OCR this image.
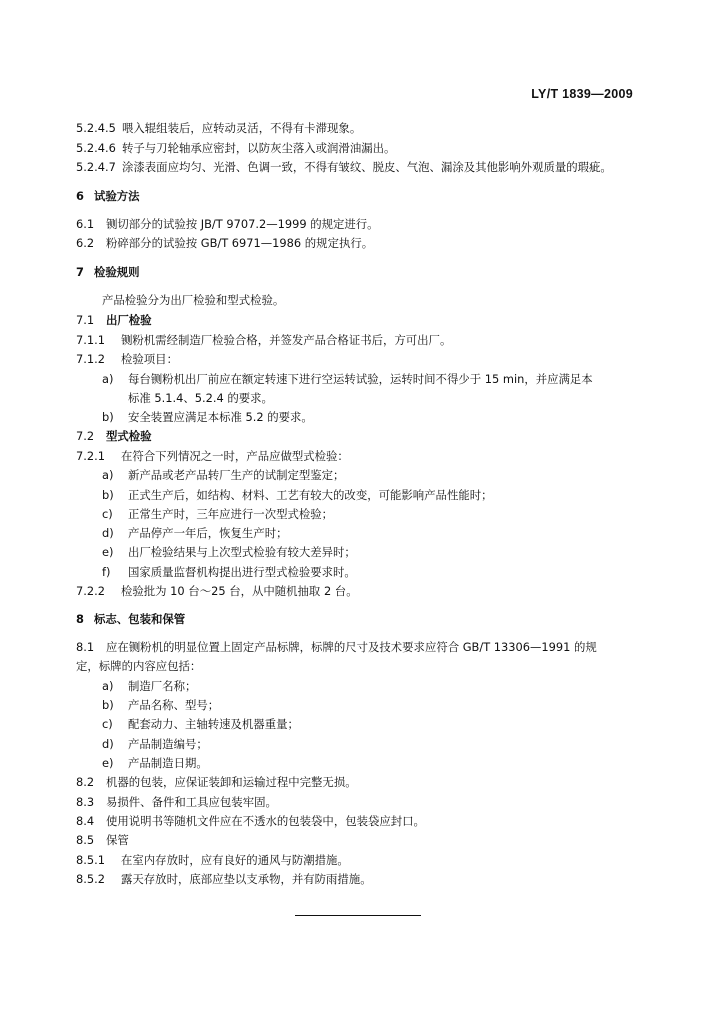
LY/T 1839—2009
5.2.4.5 喂入辊组装后，应转动灵活，不得有卡滞现象。
5.2.4.6 转子与刀轮轴承应密封，以防灰尘落入或润滑油漏出。
5.2.4.7 涂漆表面应均匀、光滑、色调一致，不得有皱纹、脱皮、气泡、漏涂及其他影响外观质量的瑕疵。
6 试验方法
6.1 铡切部分的试验按 JB/T 9707.2—1999 的规定进行。
6.2 粉碎部分的试验按 GB/T 6971—1986 的规定执行。
7 检验规则
产品检验分为出厂检验和型式检验。
7.1 出厂检验
7.1.1 铡粉机需经制造厂检验合格，并签发产品合格证书后，方可出厂。
7.1.2 检验项目：
a) 每台铡粉机出厂前应在额定转速下进行空运转试验，运转时间不得少于 15 min，并应满足本
标准 5.1.4、5.2.4 的要求。
b) 安全装置应满足本标准 5.2 的要求。
7.2 型式检验
7.2.1 在符合下列情况之一时，产品应做型式检验：
a) 新产品或老产品转厂生产的试制定型鉴定；
b) 正式生产后，如结构、材料、工艺有较大的改变，可能影响产品性能时；
c) 正常生产时，三年应进行一次型式检验；
d) 产品停产一年后，恢复生产时；
e) 出厂检验结果与上次型式检验有较大差异时；
f) 国家质量监督机构提出进行型式检验要求时。
7.2.2 检验批为 10 台～25 台，从中随机抽取 2 台。
8 标志、包装和保管
8.1 应在铡粉机的明显位置上固定产品标牌，标牌的尺寸及技术要求应符合 GB/T 13306—1991 的规
定，标牌的内容应包括：
a) 制造厂名称；
b) 产品名称、型号；
c) 配套动力、主轴转速及机器重量；
d) 产品制造编号；
e) 产品制造日期。
8.2 机器的包装，应保证装卸和运输过程中完整无损。
8.3 易损件、备件和工具应包装牢固。
8.4 使用说明书等随机文件应在不透水的包装袋中，包装袋应封口。
8.5 保管
8.5.1 在室内存放时，应有良好的通风与防潮措施。
8.5.2 露天存放时，底部应垫以支承物，并有防雨措施。
